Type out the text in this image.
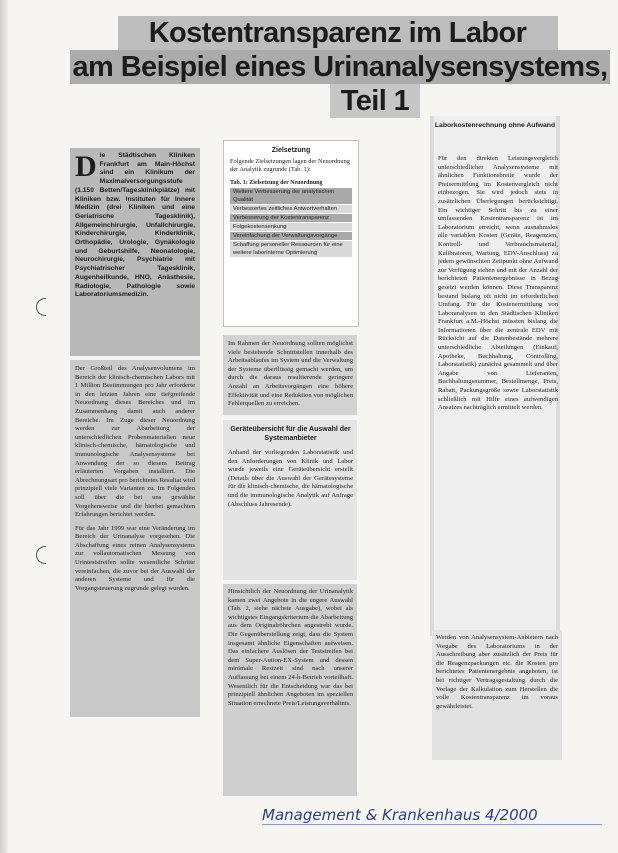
Kostentransparenz im Labor
am Beispiel eines Urinanalysensystems,
Teil 1
Die Städtischen Kliniken Frankfurt am Main-Höchst sind ein Klinikum der Maximalversorgungsstufe (1.150 Betten/Tagesklinikplätze) mit Kliniken bzw. Instituten für Innere Medizin (drei Kliniken und eine Geriatrische Tagesklinik), Allgemeinchirurgie, Unfallchirurgie, Kinderchirurgie, Kinderklinik, Orthopädie, Urologie, Gynäkologie und Geburtshilfe, Neonatologie, Neurochirurgie, Psychiatrie mit Psychiatrischer Tagesklinik, Augenheilkunde, HNO, Anästhesie, Radiologie, Pathologie sowie Laboratoriumsmedizin.

Der Großteil des Analysenvolumens im Bereich der klinisch-chemischen Labors mit 1 Million Bestimmungen pro Jahr erforderte in den letzten Jahren eine tiefgreifende Neuordnung dieses Bereiches und im Zusammenhang damit auch anderer Bereiche. Im Zuge dieser Neuordnung werden zur Abarbeitung der unterschiedlichen Probenmaterialien neue klinisch-chemische, hämatologische und immunologische Analysensysteme bei Anwendung der so diesem Beitrag erläuterten Vorgaben installiert. Die Abrechnungsart pro berichtetes Resultat wird prinzipiell viele Varianten zu. Im Folgenden soll über die bei uns gewählte Vorgehensweise und die hierbei gemachten Erfahrungen berichtet werden.

Für das Jahr 1999 war eine Veränderung im Bereich der Urinanalyse vorgesehen. Die Abschaffung eines reinen Analysensystems zur vollautomatischen Messung von Urinteststreifen sollte wesentliche Schritte vereinfachen, die zuvor bei der Auswahl der anderen Systeme und für die Vorgangsteuerung zugrunde gelegt wurden.

Zielsetzung
Folgende Zielsetzungen lagen der Neuordnung der Analytik zugrunde (Tab. 1):
Tab. 1: Zielsetzung der Neuordnung
Weitere Verbesserung der analytischen Qualität
Verbessertes zeitliches Antwortverhalten
Verbesserung der Kostentransparenz
Folgekostensenkung
Vereinfachung der Verwaltungsvorgänge
Schaffung personeller Ressourcen für eine weitere laborinterne Optimierung
Im Rahmen der Neuordnung sollten möglichst viele bestehende Schnittstellen innerhalb des Arbeitsablaufes im System und die Verwaltung der Systeme überflüssig gemacht werden, um durch die daraus resultierende geringere Anzahl an Arbeitsvorgängen eine höhere Effektivität und eine Reduktion von möglichen Fehlerquellen zu erreichen.
Geräteübersicht für die Auswahl der Systemanbieter

Anhand der vorliegenden Laborstatistik und den Anforderungen von Klinik und Labor wurde jeweils eine Geräteübersicht erstellt (Details über die Auswahl der Gerätesysteme für die klinisch-chemische, die hämatologische und die immunologische Analytik auf Anfrage (Abschluss Jahresende).

Hinsichtlich der Neuordnung der Urinanalytik kamen zwei Angebote in die engere Auswahl (Tab. 2, siehe nächste Ausgabe), wobei als wichtigstes Eingangskriterium die Abarbeitung aus dem Originalröhrchen angestrebt wurde. Die Gegenüberstellung zeigt, dass die System insgesamt ähnliche Eigenschaften aufweisen. Das einfachere Auslösen der Teststreifen bei dem Super-Aution-EX-System und dessen minimale Restzeit sind nach unserer Auffassung bei einem 24-h-Betrieb vorteilhaft. Wesentlich für die Entscheidung war das bei prinzipiell ähnlichen Angeboten im speziellen Situation errechnete Preis/Leistungsverhältnis.
Laborkostenrechnung ohne Aufwand
Für den direkten Leistungsvergleich unterschiedlicher Analysensysteme mit ähnlichen Funktionsbreite wurde der Preisermittlung im Kostenvergleich nicht einbezogen. Sie wird jedoch stets in zusätzlichen Überlegungen berücksichtigt. Ein wichtiger Schritt bis zu einer umfassenden Kostentransparenz ist im Laboratorium erreicht, wenn ausnahmslos alle variablen Kosten (Geräte, Reagenzien, Kontroll- und Verbrauchsmaterial, Kalibratoren, Wartung, EDV-Anschluss) zu jedem gewünschten Zeitpunkt ohne Aufwand zur Verfügung stehen und mit der Anzahl der berichteten Patientenergebnisse in Bezug gesetzt werden können. Diese Transparenz bestand bislang oft nicht im erforderlichen Umfang. Für die Kostenermittlung von Laboranalysen in den Städtischen Kliniken Frankfurt a.M.-Höchst müssten bislang die Informationen über die zentrale EDV mit Rücksicht auf die Datenbestände mehrere unterschiedliche Abteilungen (Einkauf, Apotheke, Buchhaltung, Controlling, Laborstatistik) zunächst gesammelt und über Angabe von Lieferanten, Buchhaltungsnummer, Bestellmenge, Preis, Rabatt, Packungsgröße sowie Laborstatistik schließlich mit Hilfe eines aufwendigen Ansatzes nachträglich ermittelt werden.
Werden von Analysensystem-Anbietern nach Vorgabe des Laboratoriums in der Ausschreibung aber zusätzlich der Preis für die Reagenzpackungen etc. die Kosten pro berichtetes Patientenergebnis angeboten, ist bei richtiger Vertragsgestaltung durch die Vorlage der Kalkulation zum Herstellen die volle Kostentransparenz im voraus gewährleistet.
Management & Krankenhaus 4/2000
